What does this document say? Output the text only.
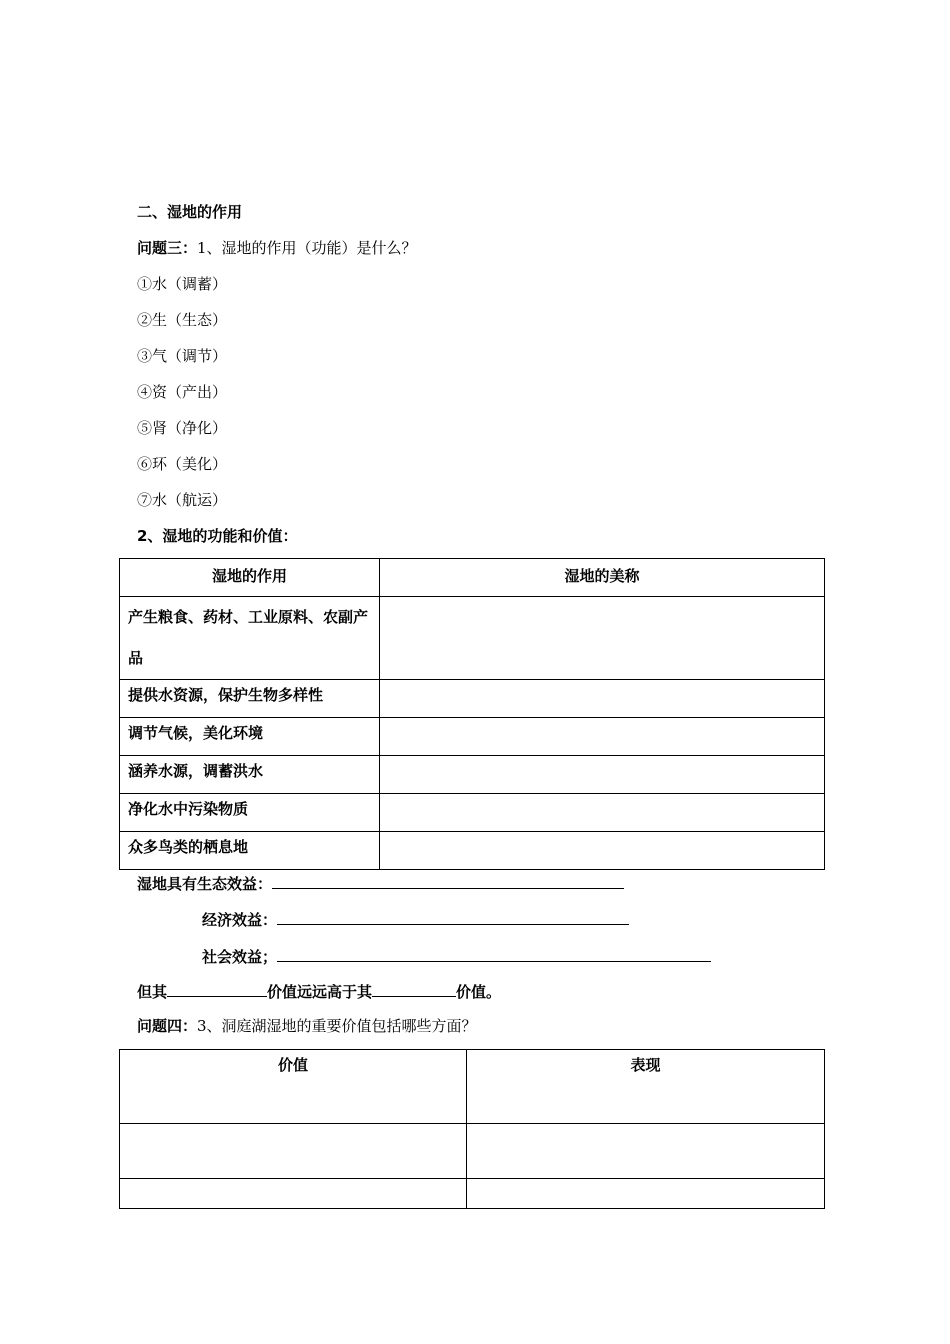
二、湿地的作用
问题三：1、湿地的作用（功能）是什么？
①水（调蓄）
②生（生态）
③气（调节）
④资（产出）
⑤肾（净化）
⑥环（美化）
⑦水（航运）
2、湿地的功能和价值：
湿地的作用	湿地的美称
产生粮食、药材、工业原料、农副产品	
提供水资源，保护生物多样性	
调节气候，美化环境	
涵养水源，调蓄洪水	
净化水中污染物质	
众多鸟类的栖息地	
湿地具有生态效益：
经济效益：
社会效益；
但其	价值远远高于其	价值。
问题四：3、洞庭湖湿地的重要价值包括哪些方面？
价值	表现
